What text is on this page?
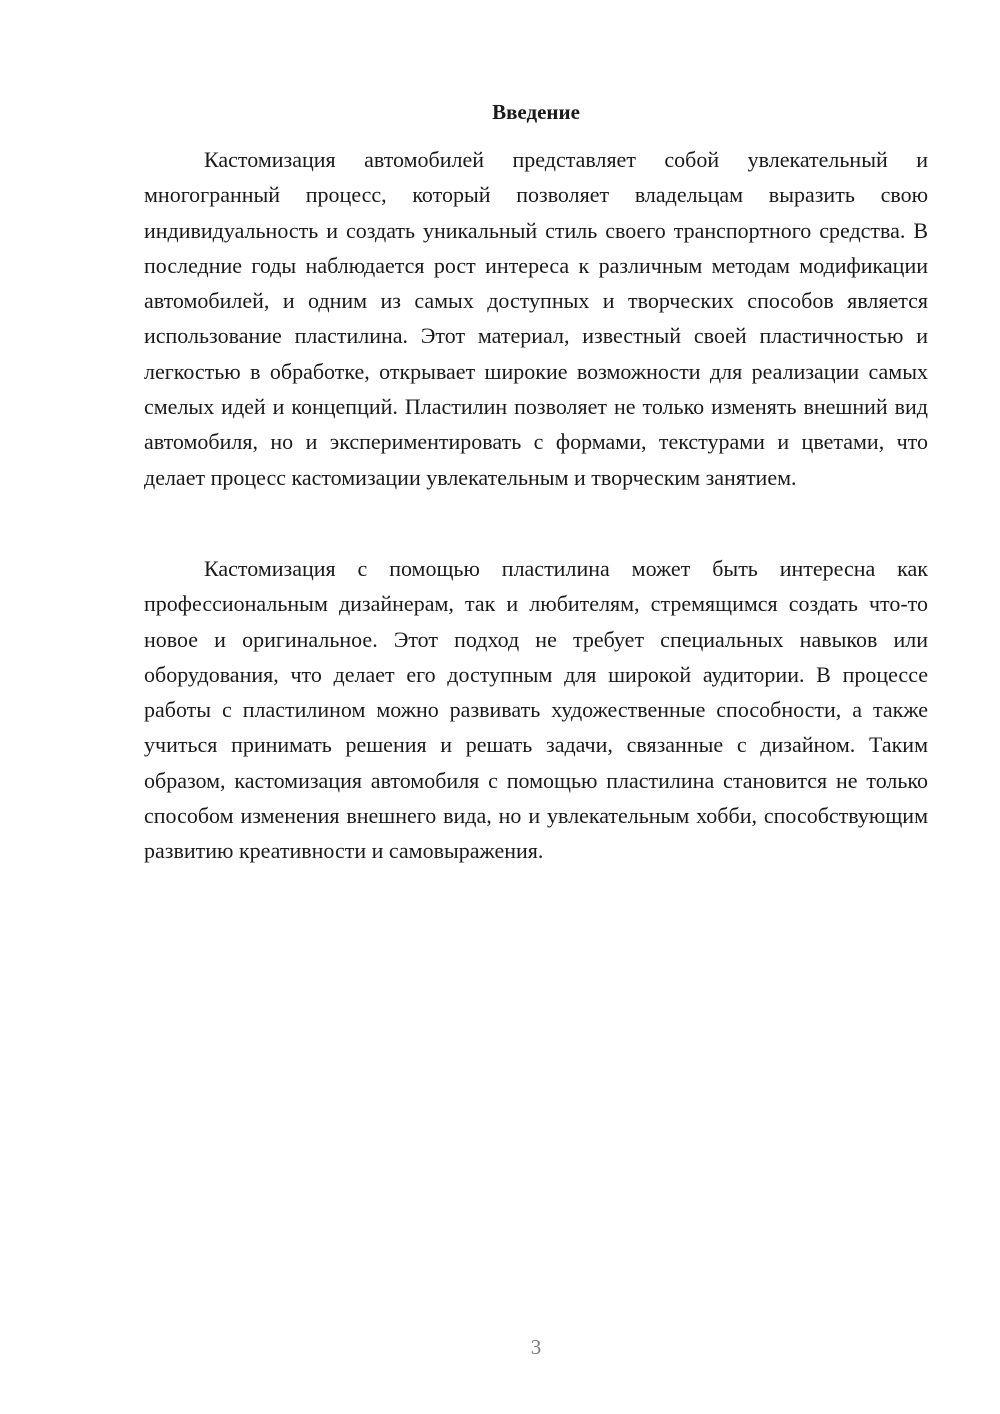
Введение

Кастомизация автомобилей представляет собой увлекательный и многогранный процесс, который позволяет владельцам выразить свою индивидуальность и создать уникальный стиль своего транспортного средства. В последние годы наблюдается рост интереса к различным методам модификации автомобилей, и одним из самых доступных и творческих способов является использование пластилина. Этот материал, известный своей пластичностью и легкостью в обработке, открывает широкие возможности для реализации самых смелых идей и концепций. Пластилин позволяет не только изменять внешний вид автомобиля, но и экспериментировать с формами, текстурами и цветами, что делает процесс кастомизации увлекательным и творческим занятием.

Кастомизация с помощью пластилина может быть интересна как профессиональным дизайнерам, так и любителям, стремящимся создать что-то новое и оригинальное. Этот подход не требует специальных навыков или оборудования, что делает его доступным для широкой аудитории. В процессе работы с пластилином можно развивать художественные способности, а также учиться принимать решения и решать задачи, связанные с дизайном. Таким образом, кастомизация автомобиля с помощью пластилина становится не только способом изменения внешнего вида, но и увлекательным хобби, способствующим развитию креативности и самовыражения.

3
